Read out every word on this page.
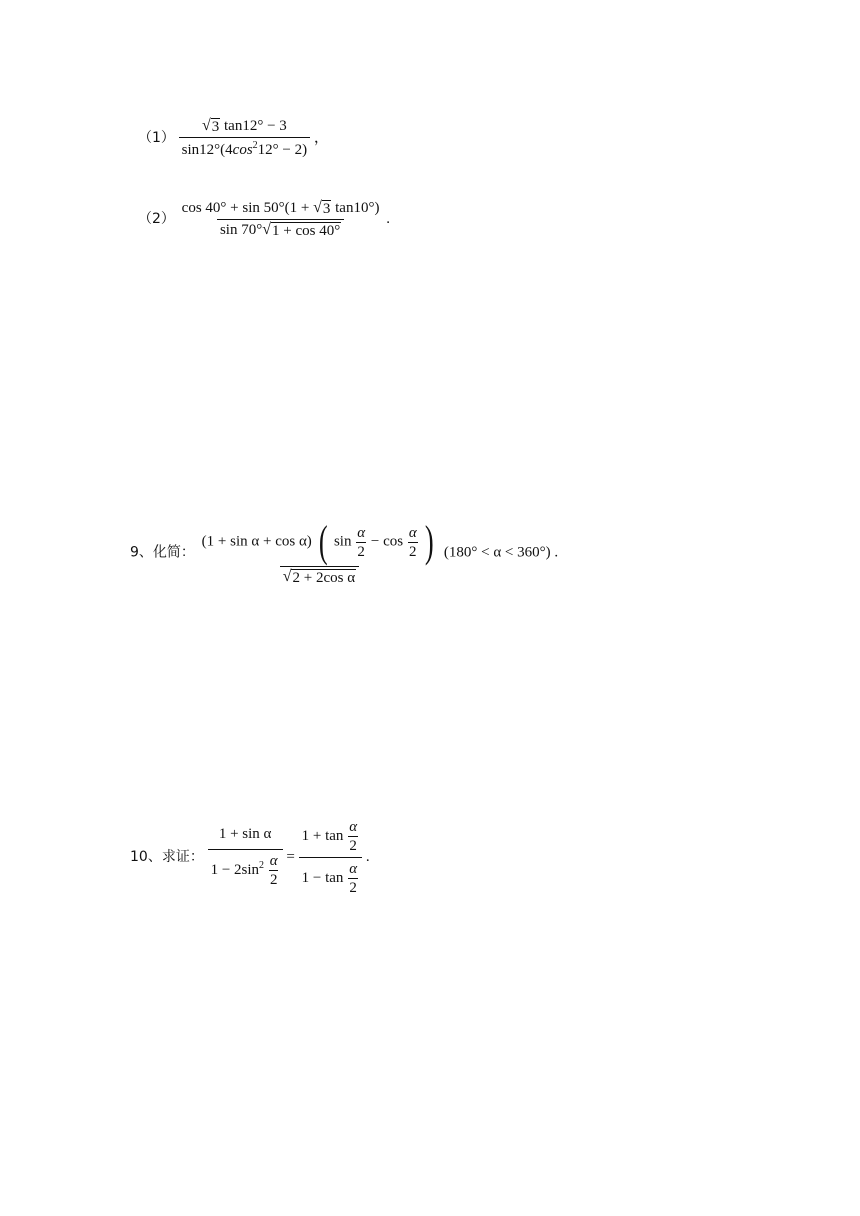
$(1) \frac{√ 3 \tan 12^\circ - 3}{\sin 12^\circ(4\cos^212^\circ - 2)}$ ，
$(2) \frac{\cos 40^\circ + \sin 50^\circ(1 + √ 3 \tan 10^\circ)}{\sin 70^\circ √ 1 + \cos 40^\circ}$ .
9、化简：
(1 + sin α + cos α) ( $\sin \frac{\alpha}{2} - \cos \frac{\alpha}{2}$ )
√ 2 + 2cos α
(180° < α < 360°) .
10、求证： $\frac{\text{1 + sin α}}{1 - 2\sin^2 \frac{\alpha}{2}} = \frac{1 + \tan \frac{\alpha}{2}}{1 - \tan \frac{\alpha}{2}}$ .
